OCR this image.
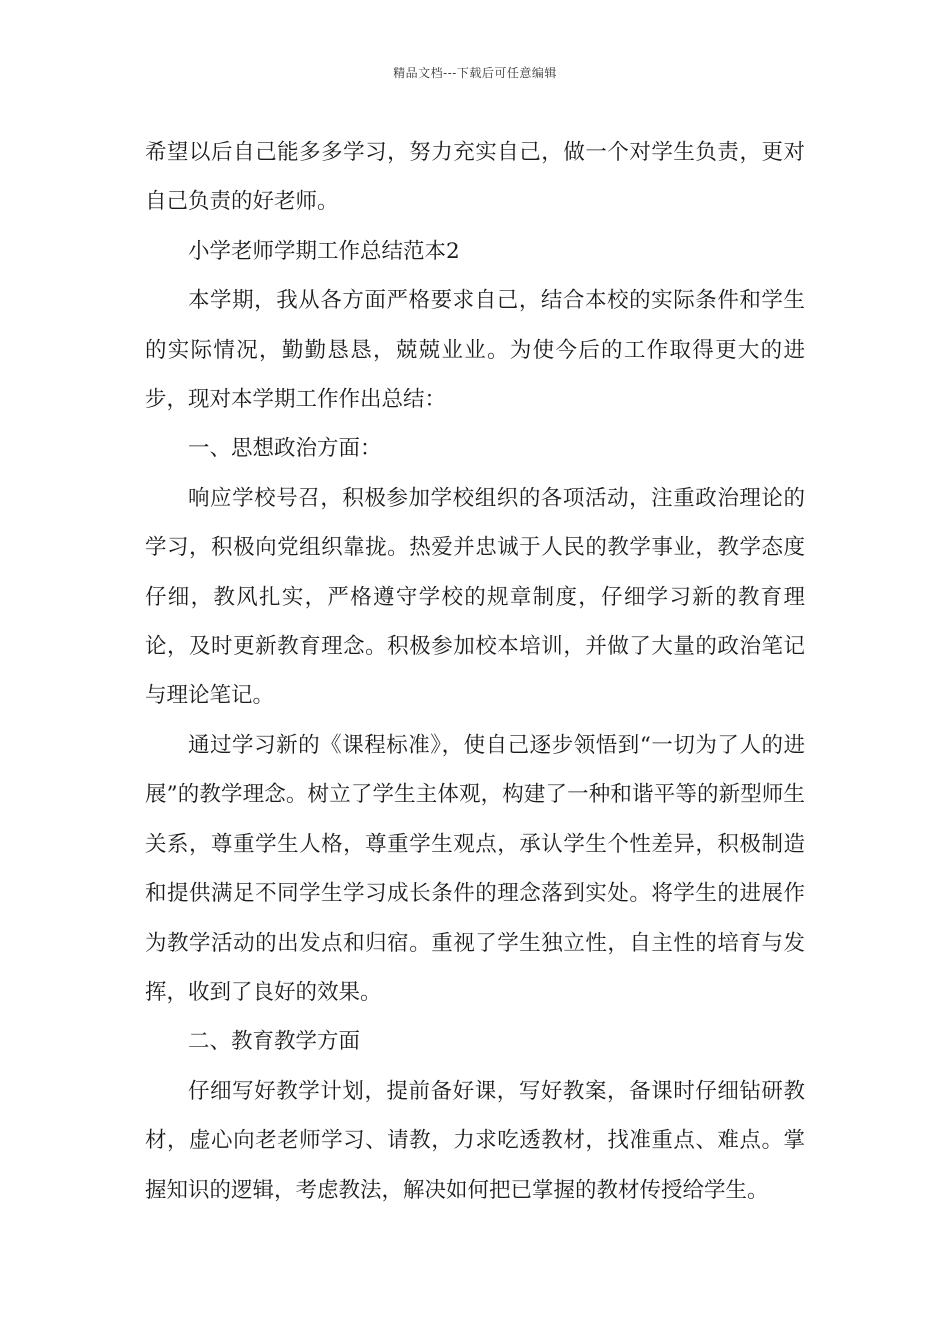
精品文档---下载后可任意编辑

希望以后自己能多多学习，努力充实自己，做一个对学生负责，更对自己负责的好老师。

小学老师学期工作总结范本2

本学期，我从各方面严格要求自己，结合本校的实际条件和学生的实际情况，勤勤恳恳，兢兢业业。为使今后的工作取得更大的进步，现对本学期工作作出总结：

一、思想政治方面：

响应学校号召，积极参加学校组织的各项活动，注重政治理论的学习，积极向党组织靠拢。热爱并忠诚于人民的教学事业，教学态度仔细，教风扎实，严格遵守学校的规章制度，仔细学习新的教育理论，及时更新教育理念。积极参加校本培训，并做了大量的政治笔记与理论笔记。

通过学习新的《课程标准》，使自己逐步领悟到“一切为了人的进展”的教学理念。树立了学生主体观，构建了一种和谐平等的新型师生关系，尊重学生人格，尊重学生观点，承认学生个性差异，积极制造和提供满足不同学生学习成长条件的理念落到实处。将学生的进展作为教学活动的出发点和归宿。重视了学生独立性，自主性的培育与发挥，收到了良好的效果。

二、教育教学方面

仔细写好教学计划，提前备好课，写好教案，备课时仔细钻研教材，虚心向老老师学习、请教，力求吃透教材，找准重点、难点。掌握知识的逻辑，考虑教法，解决如何把已掌握的教材传授给学生。
